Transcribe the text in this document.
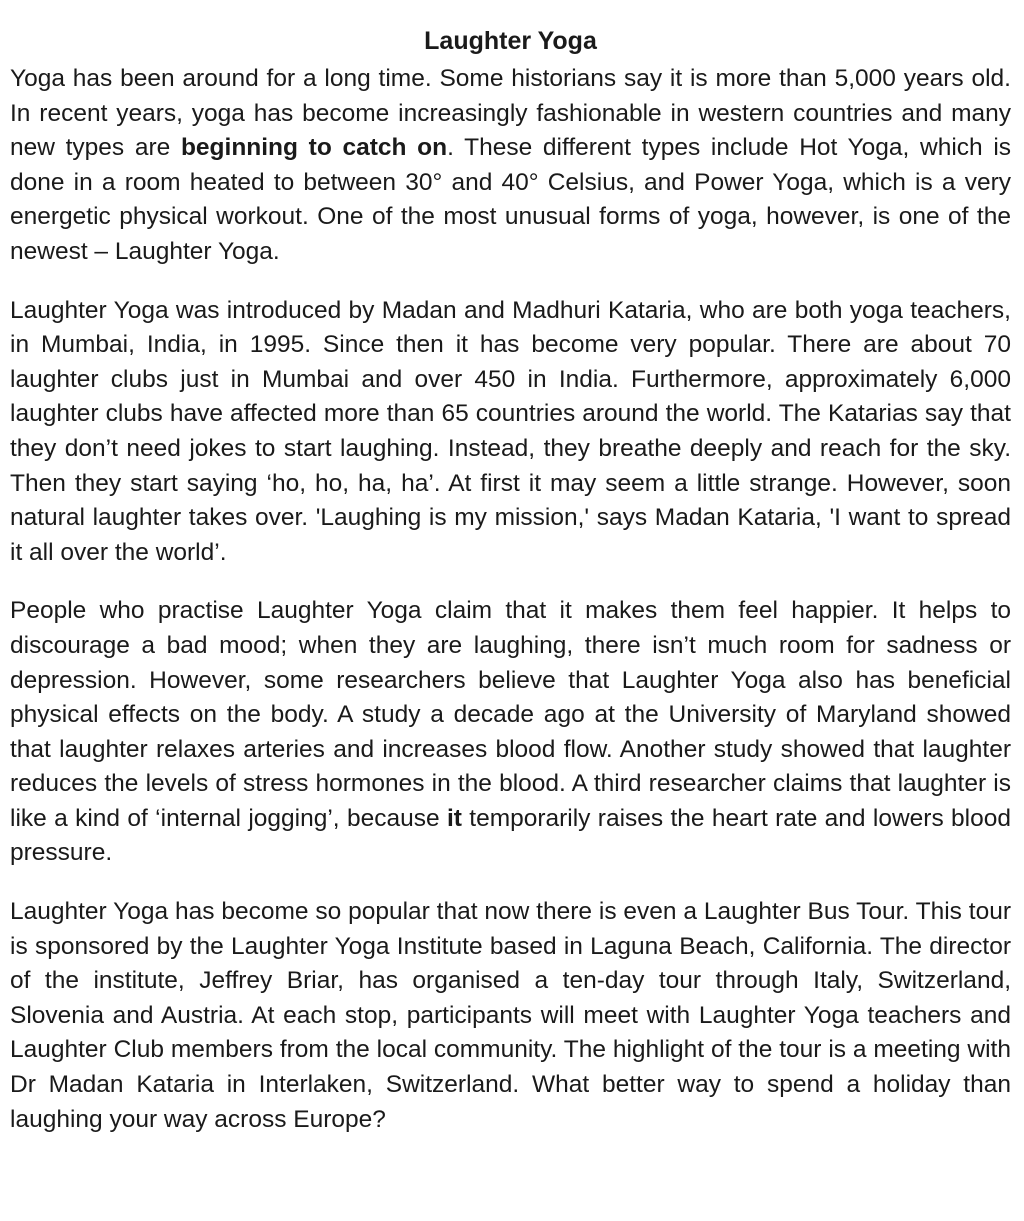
Laughter Yoga

Yoga has been around for a long time. Some historians say it is more than 5,000 years old. In recent years, yoga has become increasingly fashionable in western countries and many new types are beginning to catch on. These different types include Hot Yoga, which is done in a room heated to between 30° and 40° Celsius, and Power Yoga, which is a very energetic physical workout. One of the most unusual forms of yoga, however, is one of the newest – Laughter Yoga.

Laughter Yoga was introduced by Madan and Madhuri Kataria, who are both yoga teachers, in Mumbai, India, in 1995. Since then it has become very popular. There are about 70 laughter clubs just in Mumbai and over 450 in India. Furthermore, approximately 6,000 laughter clubs have affected more than 65 countries around the world. The Katarias say that they don’t need jokes to start laughing. Instead, they breathe deeply and reach for the sky. Then they start saying ‘ho, ho, ha, ha’. At first it may seem a little strange. However, soon natural laughter takes over. 'Laughing is my mission,' says Madan Kataria, 'I want to spread it all over the world’.

People who practise Laughter Yoga claim that it makes them feel happier. It helps to discourage a bad mood; when they are laughing, there isn’t much room for sadness or depression. However, some researchers believe that Laughter Yoga also has beneficial physical effects on the body. A study a decade ago at the University of Maryland showed that laughter relaxes arteries and increases blood flow. Another study showed that laughter reduces the levels of stress hormones in the blood. A third researcher claims that laughter is like a kind of ‘internal jogging’, because it temporarily raises the heart rate and lowers blood pressure.

Laughter Yoga has become so popular that now there is even a Laughter Bus Tour. This tour is sponsored by the Laughter Yoga Institute based in Laguna Beach, California. The director of the institute, Jeffrey Briar, has organised a ten-day tour through Italy, Switzerland, Slovenia and Austria. At each stop, participants will meet with Laughter Yoga teachers and Laughter Club members from the local community. The highlight of the tour is a meeting with Dr Madan Kataria in Interlaken, Switzerland. What better way to spend a holiday than laughing your way across Europe?
